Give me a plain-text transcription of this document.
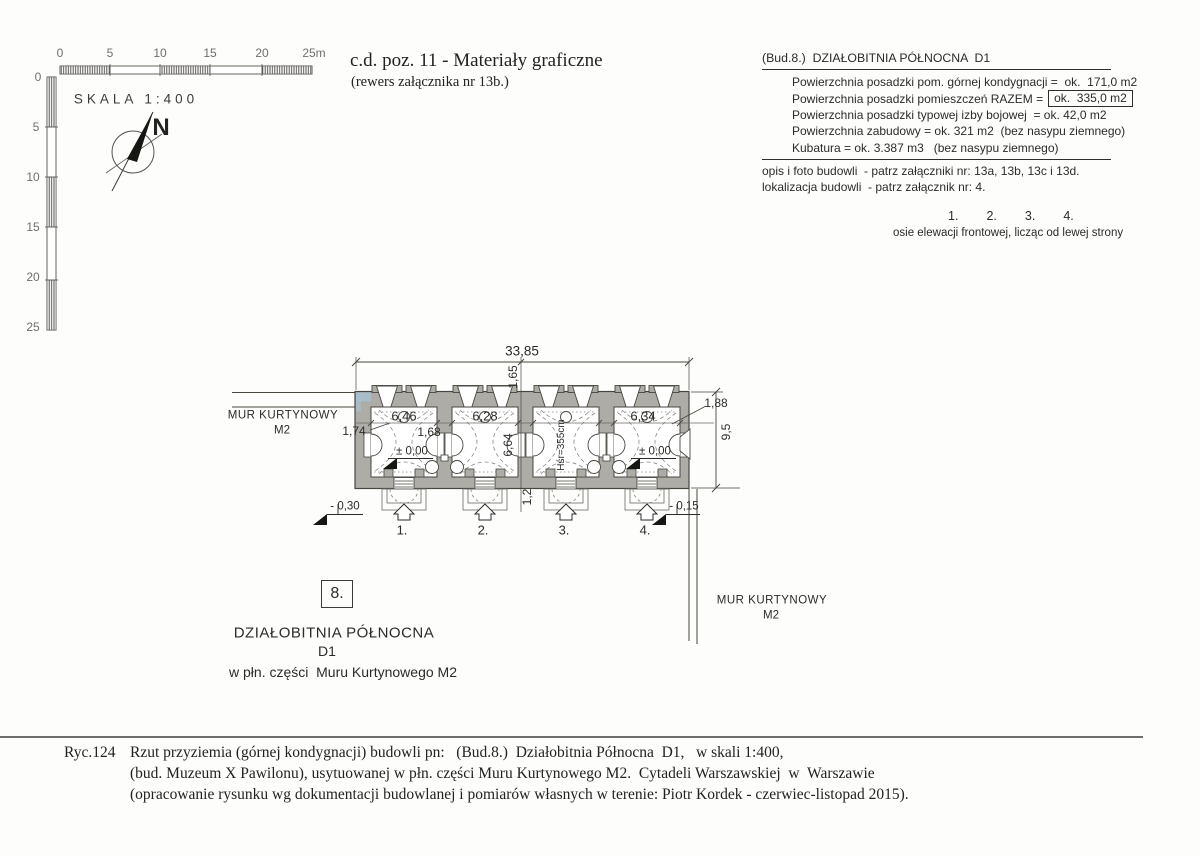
c.d. poz. 11 - Materiały graficzne
(rewers załącznika nr 13b.)
0	5	10	15	20	25m
0
5
10
15
20
25
SKALA 1:400
N
(Bud.8.)  DZIAŁOBITNIA PÓŁNOCNA  D1
Powierzchnia posadzki pom. górnej kondygnacji =  ok.  171,0 m2
Powierzchnia posadzki pomieszczeń RAZEM = ok.  335,0 m2
Powierzchnia posadzki typowej izby bojowej  = ok. 42,0 m2
Powierzchnia zabudowy = ok. 321 m2  (bez nasypu ziemnego)
Kubatura = ok. 3.387 m3   (bez nasypu ziemnego)
opis i foto budowli  - patrz załączniki nr: 13a, 13b, 13c i 13d.
lokalizacja budowli  - patrz załącznik nr: 4.
1. 2. 3. 4.
osie elewacji frontowej, licząc od lewej strony
33,85
1,65
6,46	6,28	6,34
1,68
6,64	Hśr=355cm
1,74
1,88
9,5
1,2
± 0,00	± 0,00
- 0,30	- 0,15
1.	2.	3.	4.
MUR KURTYNOWY
M2
MUR KURTYNOWY
M2
8.
DZIAŁOBITNIA PÓŁNOCNA
D1
w płn. części  Muru Kurtynowego M2
Ryc.124 Rzut przyziemia (górnej kondygnacji) budowli pn:   (Bud.8.)  Działobitnia Północna  D1,   w skali 1:400,
(bud. Muzeum X Pawilonu), usytuowanej w płn. części Muru Kurtynowego M2.  Cytadeli Warszawskiej  w  Warszawie
(opracowanie rysunku wg dokumentacji budowlanej i pomiarów własnych w terenie: Piotr Kordek - czerwiec-listopad 2015).
